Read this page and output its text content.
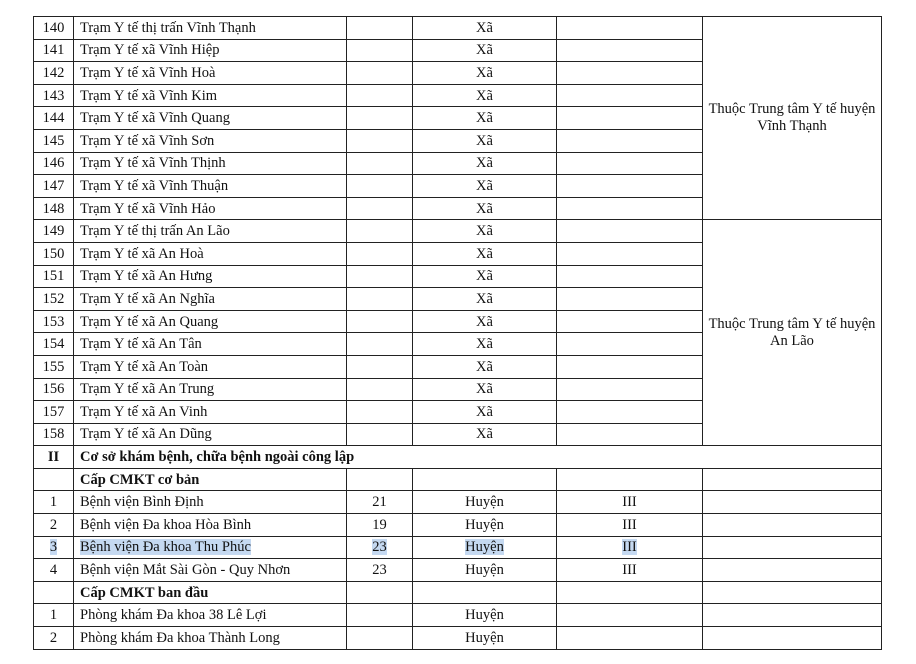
140	Trạm Y tế thị trấn Vĩnh Thạnh		Xã		Thuộc Trung tâm Y tế huyện Vĩnh Thạnh
141	Trạm Y tế xã Vĩnh Hiệp		Xã		
142	Trạm Y tế xã Vĩnh Hoà		Xã		
143	Trạm Y tế xã Vĩnh Kim		Xã		
144	Trạm Y tế xã Vĩnh Quang		Xã		
145	Trạm Y tế xã Vĩnh Sơn		Xã		
146	Trạm Y tế xã Vĩnh Thịnh		Xã		
147	Trạm Y tế xã Vĩnh Thuận		Xã		
148	Trạm Y tế xã Vĩnh Hảo		Xã		
149	Trạm Y tế thị trấn An Lão		Xã		Thuộc Trung tâm Y tế huyện An Lão
150	Trạm Y tế xã An Hoà		Xã		
151	Trạm Y tế xã An Hưng		Xã		
152	Trạm Y tế xã An Nghĩa		Xã		
153	Trạm Y tế xã An Quang		Xã		
154	Trạm Y tế xã An Tân		Xã		
155	Trạm Y tế xã An Toàn		Xã		
156	Trạm Y tế xã An Trung		Xã		
157	Trạm Y tế xã An Vinh		Xã		
158	Trạm Y tế xã An Dũng		Xã		
II	Cơ sở khám bệnh, chữa bệnh ngoài công lập				
	Cấp CMKT cơ bản				
1	Bệnh viện Bình Định	21	Huyện	III	
2	Bệnh viện Đa khoa Hòa Bình	19	Huyện	III	
3	Bệnh viện Đa khoa Thu Phúc	23	Huyện	III	
4	Bệnh viện Mắt Sài Gòn - Quy Nhơn	23	Huyện	III	
	Cấp CMKT ban đầu				
1	Phòng khám Đa khoa 38 Lê Lợi		Huyện		
2	Phòng khám Đa khoa Thành Long		Huyện		
